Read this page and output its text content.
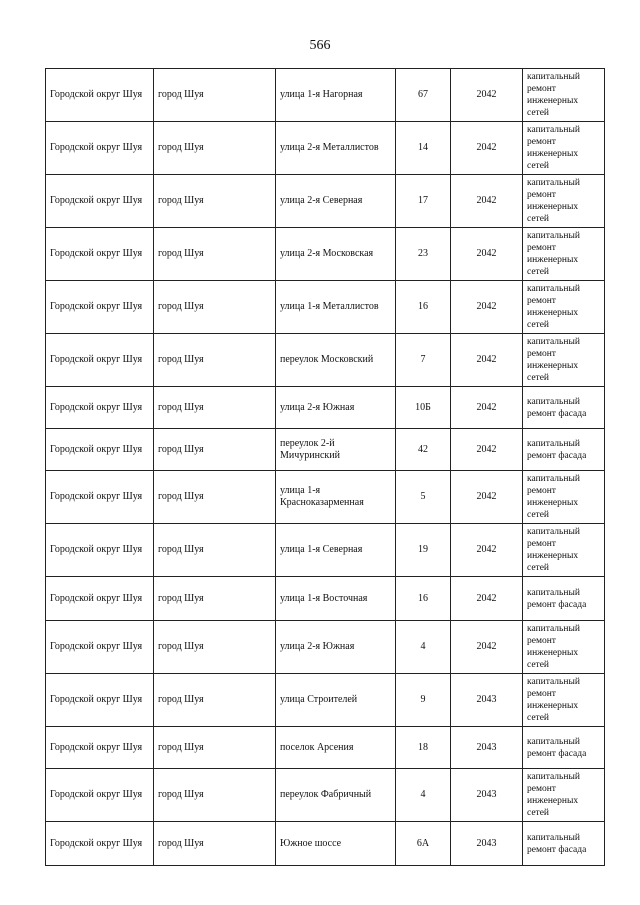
566
Городской округ Шуя	город Шуя	улица 1-я Нагорная	67	2042	капитальный ремонт инженерных сетей
Городской округ Шуя	город Шуя	улица 2-я Металлистов	14	2042	капитальный ремонт инженерных сетей
Городской округ Шуя	город Шуя	улица 2-я Северная	17	2042	капитальный ремонт инженерных сетей
Городской округ Шуя	город Шуя	улица 2-я Московская	23	2042	капитальный ремонт инженерных сетей
Городской округ Шуя	город Шуя	улица 1-я Металлистов	16	2042	капитальный ремонт инженерных сетей
Городской округ Шуя	город Шуя	переулок Московский	7	2042	капитальный ремонт инженерных сетей
Городской округ Шуя	город Шуя	улица 2-я Южная	10Б	2042	капитальный ремонт фасада
Городской округ Шуя	город Шуя	переулок 2-й Мичуринский	42	2042	капитальный ремонт фасада
Городской округ Шуя	город Шуя	улица 1-я Красноказарменная	5	2042	капитальный ремонт инженерных сетей
Городской округ Шуя	город Шуя	улица 1-я Северная	19	2042	капитальный ремонт инженерных сетей
Городской округ Шуя	город Шуя	улица 1-я Восточная	16	2042	капитальный ремонт фасада
Городской округ Шуя	город Шуя	улица 2-я Южная	4	2042	капитальный ремонт инженерных сетей
Городской округ Шуя	город Шуя	улица Строителей	9	2043	капитальный ремонт инженерных сетей
Городской округ Шуя	город Шуя	поселок Арсения	18	2043	капитальный ремонт фасада
Городской округ Шуя	город Шуя	переулок Фабричный	4	2043	капитальный ремонт инженерных сетей
Городской округ Шуя	город Шуя	Южное шоссе	6А	2043	капитальный ремонт фасада
